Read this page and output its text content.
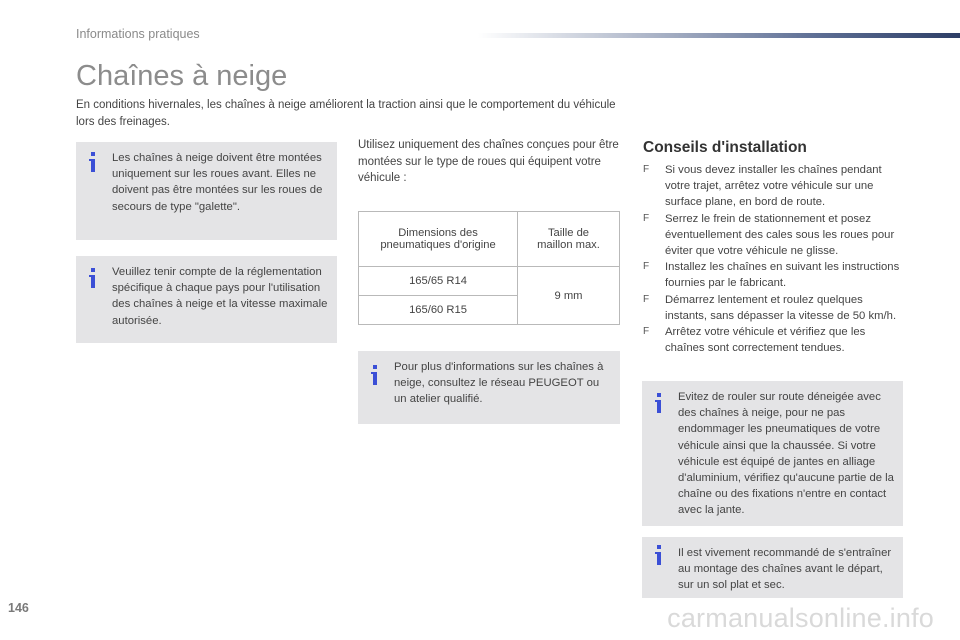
Informations pratiques
Chaînes à neige
En conditions hivernales, les chaînes à neige améliorent la traction ainsi que le comportement du véhicule lors des freinages.
Les chaînes à neige doivent être montées uniquement sur les roues avant. Elles ne doivent pas être montées sur les roues de secours de type "galette".
Veuillez tenir compte de la réglementation spécifique à chaque pays pour l'utilisation des chaînes à neige et la vitesse maximale autorisée.
Utilisez uniquement des chaînes conçues pour être montées sur le type de roues qui équipent votre véhicule :
Dimensions des pneumatiques d'origine	Taille de maillon max.
165/65 R14	9 mm
165/60 R15	
Pour plus d'informations sur les chaînes à neige, consultez le réseau PEUGEOT ou un atelier qualifié.
Conseils d'installation
F Si vous devez installer les chaînes pendant votre trajet, arrêtez votre véhicule sur une surface plane, en bord de route.
F Serrez le frein de stationnement et posez éventuellement des cales sous les roues pour éviter que votre véhicule ne glisse.
F Installez les chaînes en suivant les instructions fournies par le fabricant.
F Démarrez lentement et roulez quelques instants, sans dépasser la vitesse de 50 km/h.
F Arrêtez votre véhicule et vérifiez que les chaînes sont correctement tendues.
Evitez de rouler sur route déneigée avec des chaînes à neige, pour ne pas endommager les pneumatiques de votre véhicule ainsi que la chaussée. Si votre véhicule est équipé de jantes en alliage d'aluminium, vérifiez qu'aucune partie de la chaîne ou des fixations n'entre en contact avec la jante.
Il est vivement recommandé de s'entraîner au montage des chaînes avant le départ, sur un sol plat et sec.
146	carmanualsonline.info
